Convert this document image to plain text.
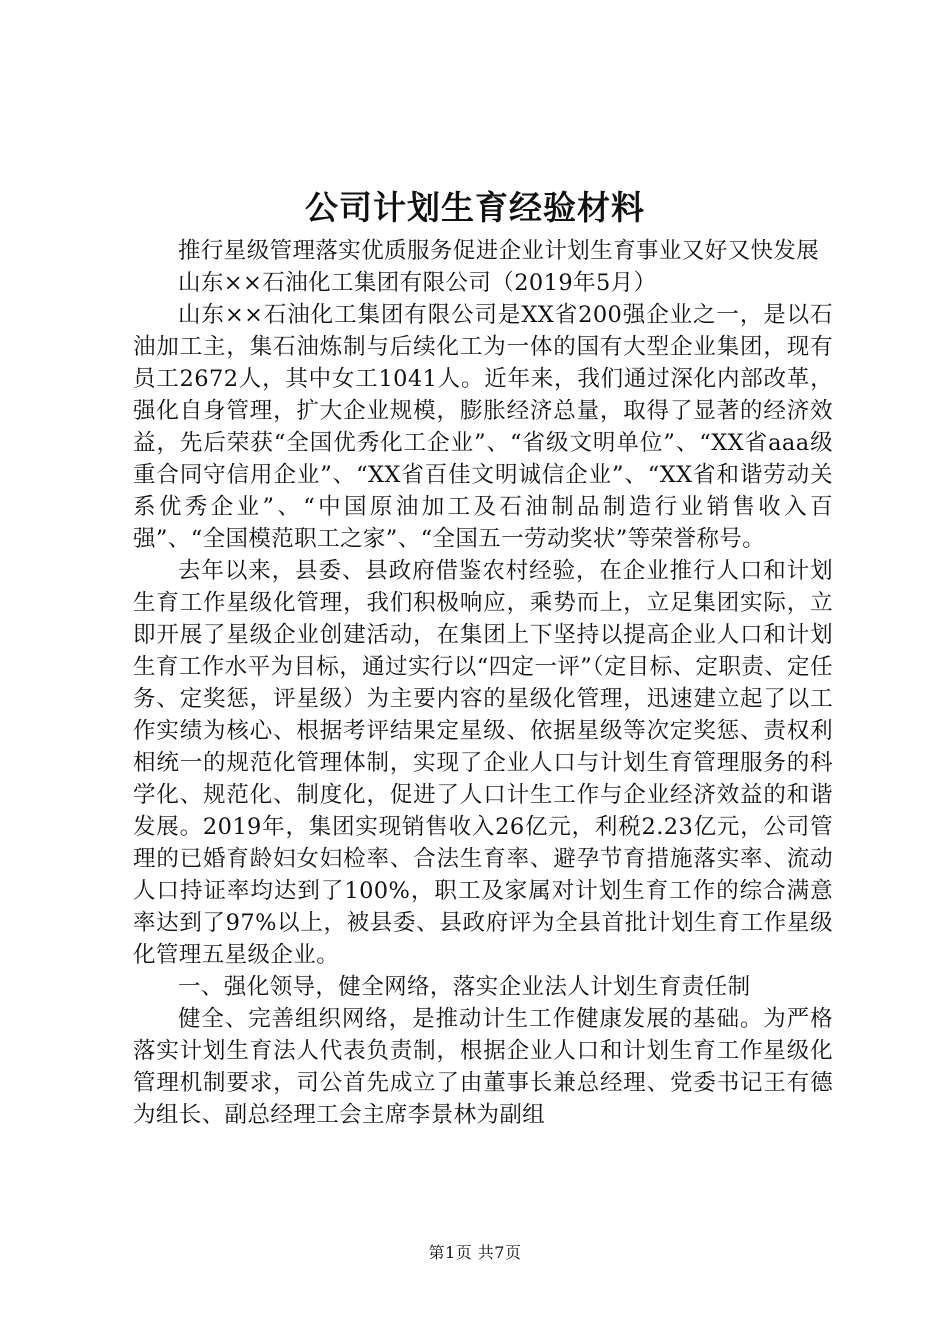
公司计划生育经验材料

推行星级管理落实优质服务促进企业计划生育事业又好又快发展

山东××石油化工集团有限公司（2019年5月）

山东××石油化工集团有限公司是XX省200强企业之一，是以石油加工主，集石油炼制与后续化工为一体的国有大型企业集团，现有员工2672人，其中女工1041人。近年来，我们通过深化内部改革，强化自身管理，扩大企业规模，膨胀经济总量，取得了显著的经济效益，先后荣获“全国优秀化工企业”、“省级文明单位”、“XX省aaa级重合同守信用企业”、“XX省百佳文明诚信企业”、“XX省和谐劳动关系优秀企业”、“中国原油加工及石油制品制造行业销售收入百强”、“全国模范职工之家”、“全国五一劳动奖状”等荣誉称号。

去年以来，县委、县政府借鉴农村经验，在企业推行人口和计划生育工作星级化管理，我们积极响应，乘势而上，立足集团实际，立即开展了星级企业创建活动，在集团上下坚持以提高企业人口和计划生育工作水平为目标，通过实行以“四定一评”（定目标、定职责、定任务、定奖惩，评星级）为主要内容的星级化管理，迅速建立起了以工作实绩为核心、根据考评结果定星级、依据星级等次定奖惩、责权利相统一的规范化管理体制，实现了企业人口与计划生育管理服务的科学化、规范化、制度化，促进了人口计生工作与企业经济效益的和谐发展。2019年，集团实现销售收入26亿元，利税2.23亿元，公司管理的已婚育龄妇女妇检率、合法生育率、避孕节育措施落实率、流动人口持证率均达到了100%，职工及家属对计划生育工作的综合满意率达到了97%以上，被县委、县政府评为全县首批计划生育工作星级化管理五星级企业。

一、强化领导，健全网络，落实企业法人计划生育责任制

健全、完善组织网络，是推动计生工作健康发展的基础。为严格落实计划生育法人代表负责制，根据企业人口和计划生育工作星级化管理机制要求，司公首先成立了由董事长兼总经理、党委书记王有德为组长、副总经理工会主席李景林为副组

第1页 共7页
